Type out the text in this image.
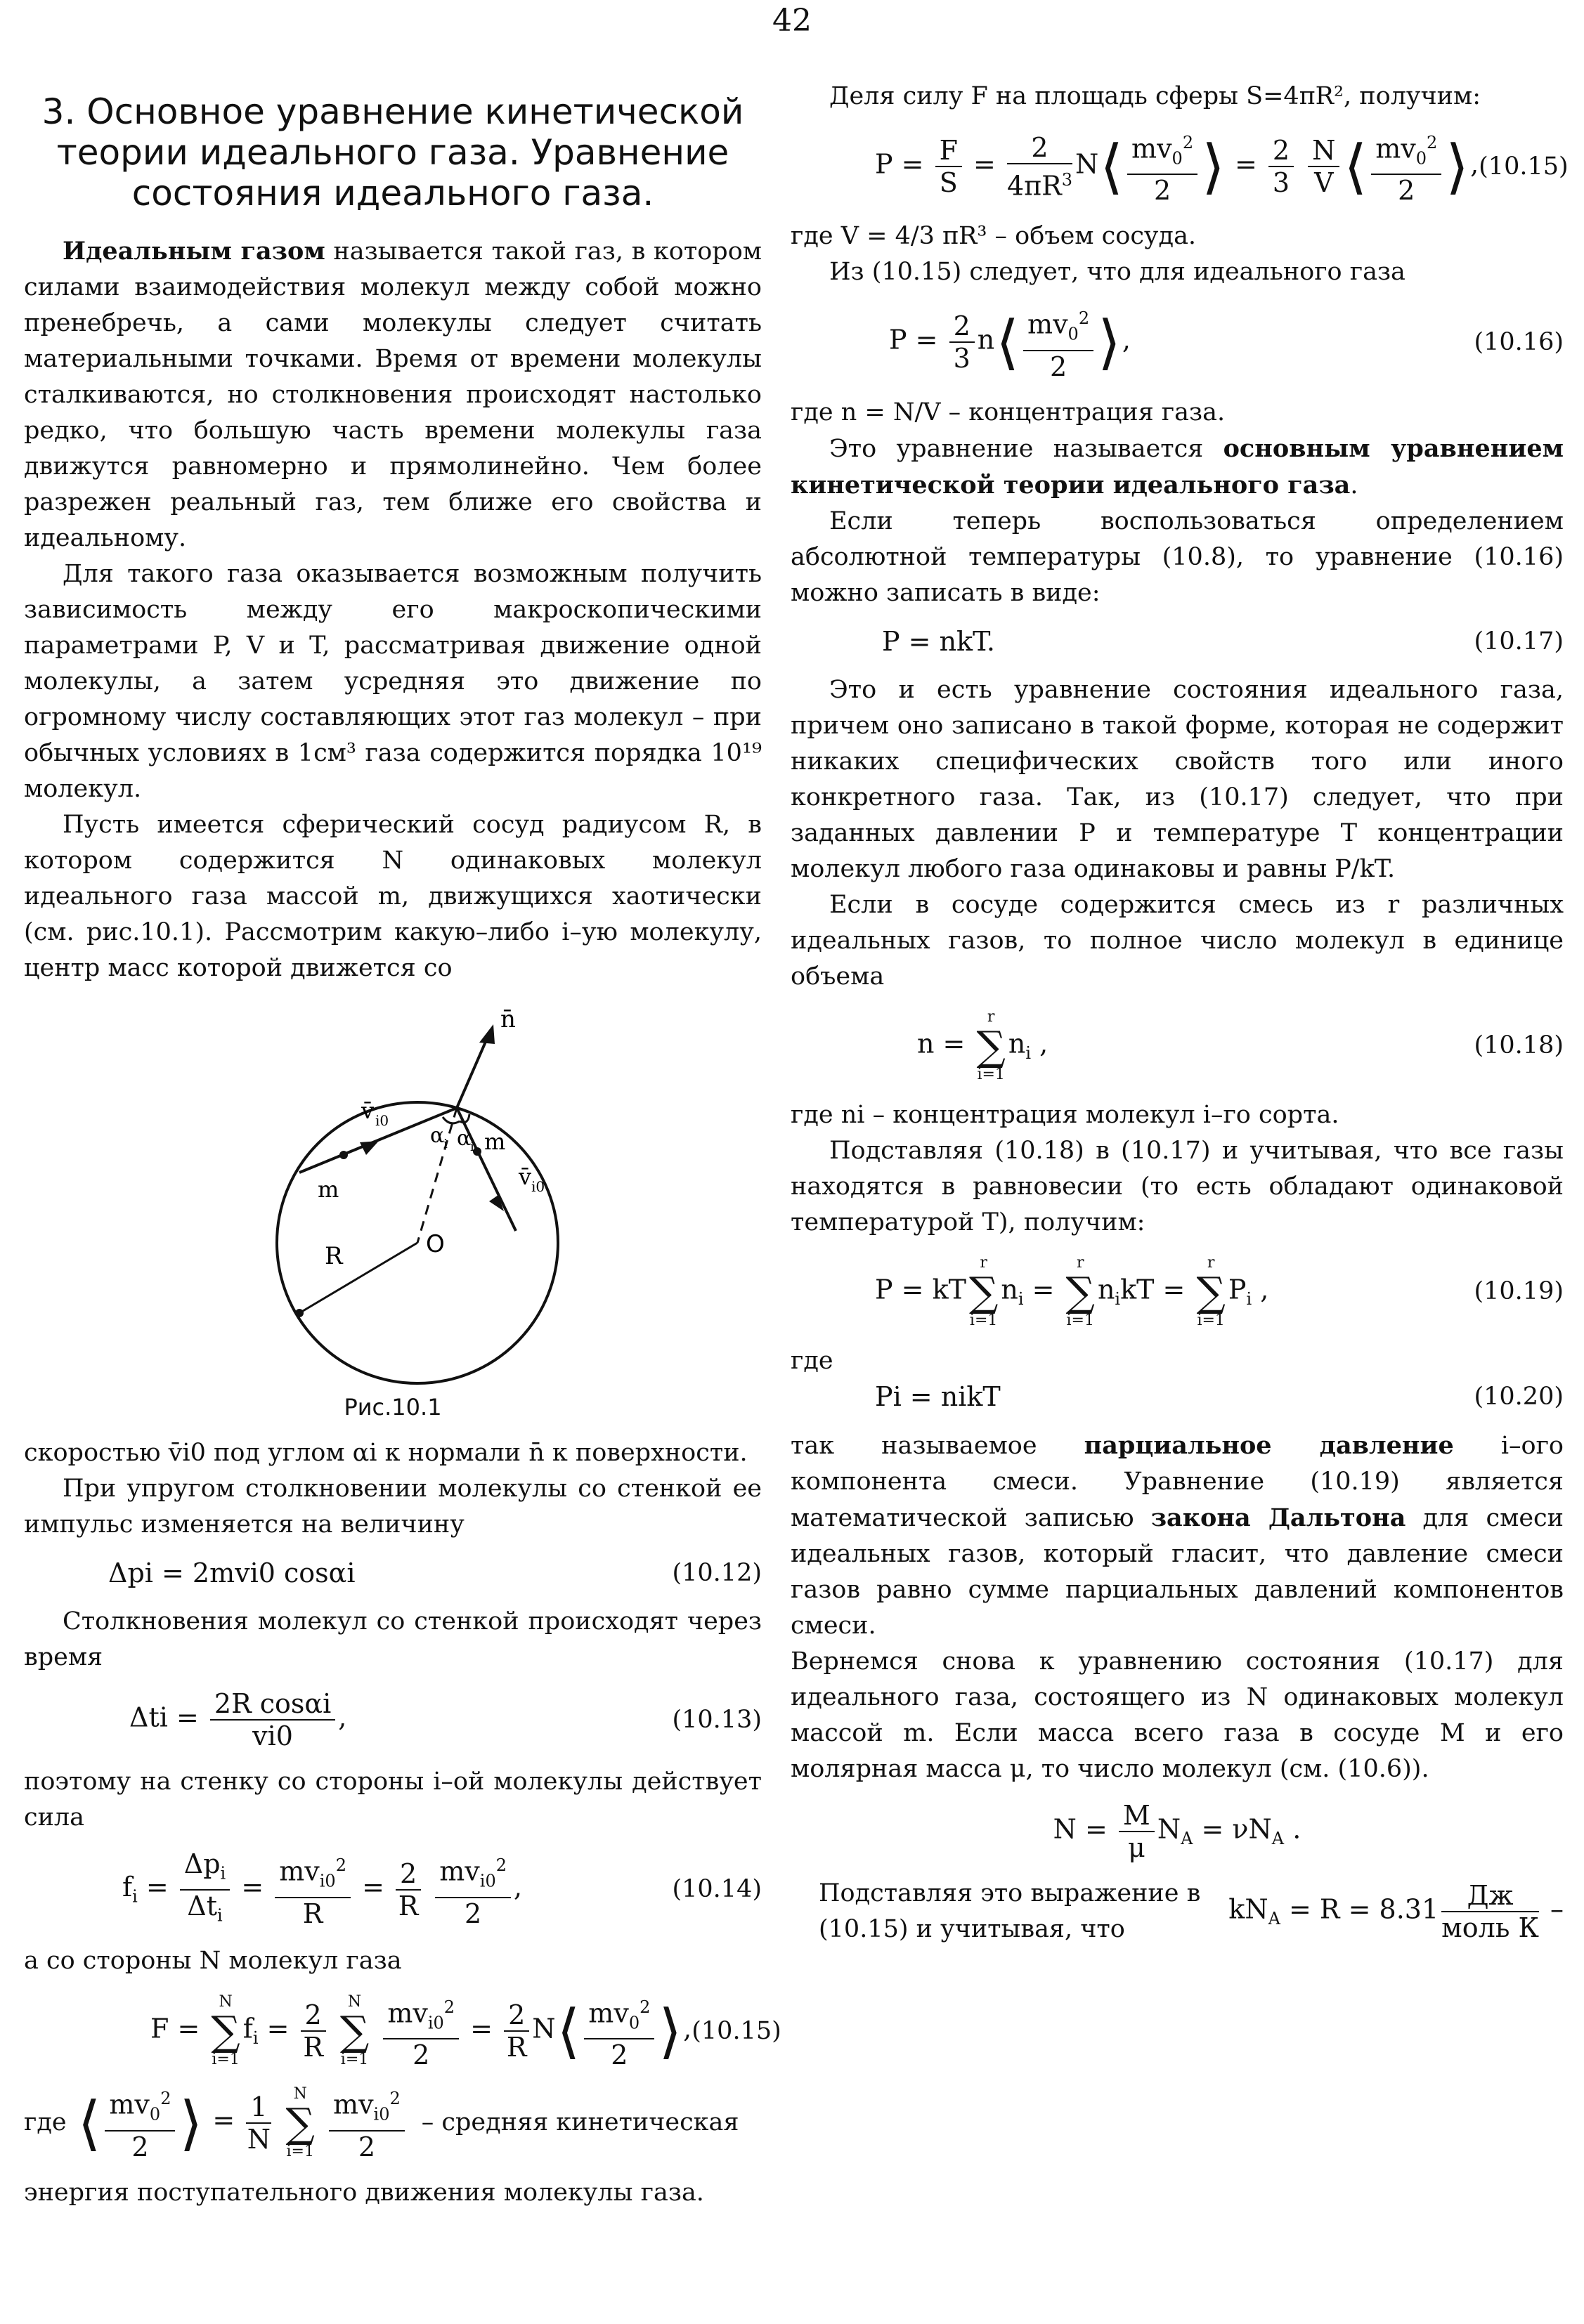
42
3. Основное уравнение кинетической теории идеального газа. Уравнение состояния идеального газа.

Идеальным газом называется такой газ, в котором силами взаимодействия молекул между собой можно пренебречь, а сами молекулы следует считать материальными точками. Время от времени молекулы сталкиваются, но столкновения происходят настолько редко, что большую часть времени молекулы газа движутся равномерно и прямолинейно. Чем более разрежен реальный газ, тем ближе его свойства и идеальному.

Для такого газа оказывается возможным получить зависимость между его макроскопическими параметрами P, V и T, рассматривая движение одной молекулы, а затем усредняя это движение по огромному числу составляющих этот газ молекул – при обычных условиях в 1см³ газа содержится порядка 10¹⁹ молекул.

Пусть имеется сферический сосуд радиусом R, в котором содержится N одинаковых молекул идеального газа массой m, движущихся хаотически (см. рис.10.1). Рассмотрим какую–либо i–ую молекулу, центр масс которой движется со

n̄
v̄ i0
v̄ i0
m
m
α
i α
i
R	O
Рис.10.1

скоростью v̄i0 под углом αi к нормали n̄ к поверхности.

При упругом столкновении молекулы со стенкой ее импульс изменяется на величину

Δpi = 2mvi0 cosαi	(10.12)

Столкновения молекул со стенкой происходят через время

$\Delta ti = \frac{\text{2R cosαi}}{vi0}$ ,	(10.13)

поэтому на стенку со стороны i–ой молекулы действует сила

$f_i$ =
$\Delta p_i$
$\Delta t_i$
= $mv_{i0}^2$
R
= $\frac{2}{R}$
$mv_{i0}^2$
2
,	(10.14)

а со стороны N молекул газа

F =
N
∑
i=1
$f_i = \frac{2}{R}$
	N
∑
i=1

$mv_{i0}^2$
2
= $\frac{2}{R}$ N⟨ $\frac{mv_0^2}{2}$ ⟩, (10.15)
где ⟨ $\frac{mv_0^2}{2}$ ⟩ = $\frac{1}{N}$
	N
∑
i=1

$mv_{i0}^2$
2
– средняя кинетическая

энергия поступательного движения молекулы газа.

Деля силу F на площадь сферы S=4πR², получим:

$P = \frac{F}{S} = \frac{2}{4\pi R^3}$ N⟨ $\frac{mv_0^2}{2}$ ⟩ = $\frac{2}{3}$
$\frac{N}{V}$ ⟨ $\frac{mv_0^2}{2}$ ⟩, (10.15)

где V = 4/3 πR³ – объем сосуда.

Из (10.15) следует, что для идеального газа

$P = \frac{2}{3}$ n⟨ $\frac{mv_0^2}{2}$ ⟩,	(10.16)

где n = N/V – концентрация газа.

Это уравнение называется основным уравнением кинетической теории идеального газа.

Если теперь воспользоваться определением абсолютной температуры (10.8), то уравнение (10.16) можно записать в виде:

P = nkT.	(10.17)

Это и есть уравнение состояния идеального газа, причем оно записано в такой форме, которая не содержит никаких специфических свойств того или иного конкретного газа. Так, из (10.17) следует, что при заданных давлении P и температуре T концентрации молекул любого газа одинаковы и равны P/kT.

Если в сосуде содержится смесь из r различных идеальных газов, то полное число молекул в единице объема

n =
r
∑
i=1
$n_i$ ,	(10.18)

где ni – концентрация молекул i–го сорта.

Подставляя (10.18) в (10.17) и учитывая, что все газы находятся в равновесии (то есть обладают одинаковой температурой T), получим:

P = kT
r
∑
i=1
$n_i$ =
r
∑
i=1
$n_ikT$ =
r
∑
i=1
$P_i$ ,	(10.19)

где

Pi = nikT	(10.20)

так называемое парциальное давление i–ого компонента смеси. Уравнение (10.19) является математической записью закона Дальтона для смеси идеальных газов, который гласит, что давление смеси газов равно сумме парциальных давлений компонентов смеси.

Вернемся снова к уравнению состояния (10.17) для идеального газа, состоящего из N одинаковых молекул массой m. Если масса всего газа в сосуде M и его молярная масса μ, то число молекул (см. (10.6)).

$N = \frac{M}{\mu} N_A = \nu N_A$ .
Подставляя это выражение в (10.15) и учитывая, что
$kN_A = R = 8.31$	Дж
моль К
–
